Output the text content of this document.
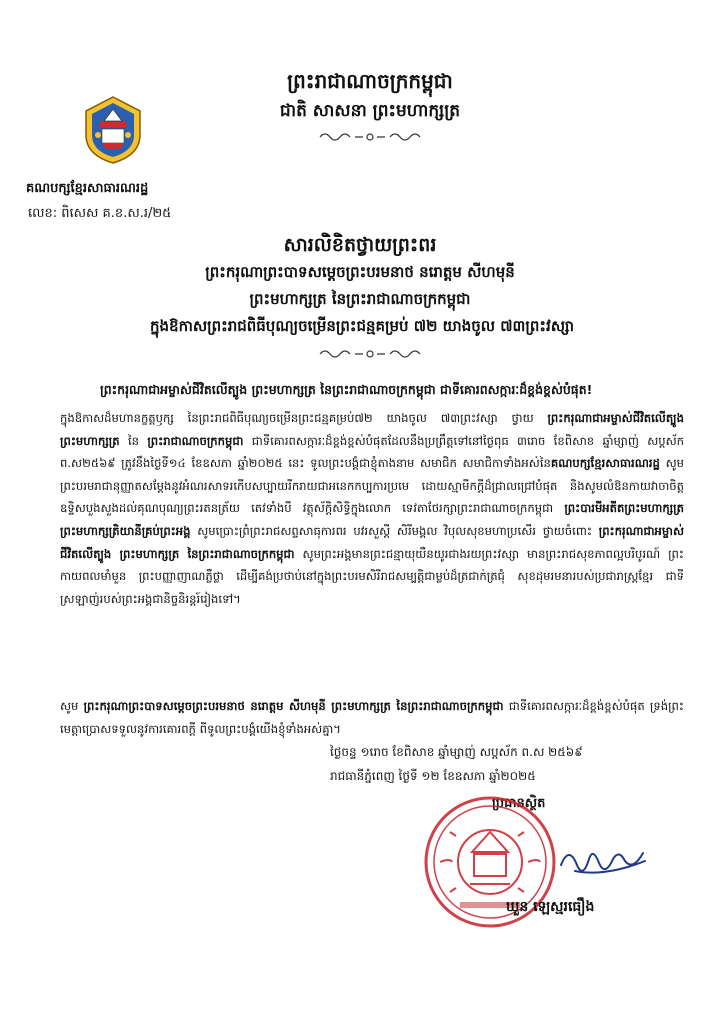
ព្រះរាជាណាចក្រកម្ពុជា
ជាតិ សាសនា ព្រះមហាក្សត្រ
គណបក្សខ្មែរសាធារណរដ្ឋ
លេខ: ពិសេស គ.ខ.ស.រ/២៥
សារលិខិតថ្វាយព្រះពរ
ព្រះករុណាព្រះបាទសម្តេចព្រះបរមនាថ នរោត្តម សីហមុនី
ព្រះមហាក្សត្រ នៃព្រះរាជាណាចក្រកម្ពុជា
ក្នុងឱកាសព្រះរាជពិធីបុណ្យចម្រើនព្រះជន្មគម្រប់ ៧២ យាងចូល ៧៣ព្រះវស្សា
ព្រះករុណាជាអម្ចាស់ជីវិតលើត្បូង ព្រះមហាក្សត្រ នៃព្រះរាជាណាចក្រកម្ពុជា ជាទីគោរពសក្ការៈដ៏ខ្ពង់ខ្ពស់បំផុត!
ក្នុងឱកាសដ៏មហានក្ខត្តឫក្ស នៃព្រះរាជពិធីបុណ្យចម្រើនព្រះជន្មគម្រប់៧២ យាងចូល ៧៣ព្រះវស្សា ថ្វាយ ព្រះករុណាជាអម្ចាស់ជីវិតលើត្បូង ព្រះមហាក្សត្រ នៃ ព្រះរាជាណាចក្រកម្ពុជា ជាទីគោរពសក្ការៈដ៏ខ្ពង់ខ្ពស់បំផុតដែលនឹងប្រព្រឹត្តទៅនៅថ្ងៃពុធ ៣រោច ខែពិសាខ ឆ្នាំម្សាញ់ សប្តស័ក ព.ស២៥៦៩ ត្រូវនឹងថ្ងៃទី១៤ ខែឧសភា ឆ្នាំ២០២៥ នេះ ទូលព្រះបង្គំជាខ្ញុំតាងនាម សមាជិក សមាជិកាទាំងអស់នៃគណបក្សខ្មែរសាធារណរដ្ឋ សូមព្រះបរមរាជានុញ្ញាតសម្តែងនូវអំណរសាទរកើបសប្បាយរីករាយជាអនេកកប្បការប្រមេ ដោយស្មាមីកក្តីដ៏ជ្រាលជ្រៅបំផុត និងសូមលំឱនកាយវាចាចិត្តឧទ្ទិសបួងសួងដល់គុណបុណ្យព្រះរតនត្រ័យ តេវទាំងបី វត្ថុស័ក្តិសិទ្ធិក្នុងលោក ទេវតាថែរក្សាព្រះរាជាណាចក្រកម្ពុជា ព្រះបារមីអតីតព្រះមហាក្សត្រ ព្រះមហាក្សត្រិយានីគ្រប់ព្រះអង្គ សូមប្រោះព្រំព្រះរាជសព្ទសាធុការពរ បវរសួស្តី សិរីមង្គល វិបុលសុខមហាប្រសើរ ថ្វាយចំពោះ ព្រះករុណាជាអម្ចាស់ជីវិតលើត្បូង ព្រះមហាក្សត្រ នៃព្រះរាជាណាចក្រកម្ពុជា សូមព្រះអង្គមានព្រះជន្មាយុយឺនយូរជាងរយព្រះវស្សា មានព្រះរាជសុខភាពល្អបរិបូរណ៍ ព្រះកាយពលមាំមួន ព្រះបញ្ញាញាណភ្លឺថ្លា ដើម្បីគង់ប្រថាប់នៅក្នុងព្រះបរមសិរីរាជសម្បត្តិជាម្លប់ដ៏ត្រជាក់ត្រជុំ សុខដុមរមនារបស់ប្រជារាស្ត្រខ្មែរ ជាទីស្រឡាញ់របស់ព្រះអង្គជានិច្ចនិរន្តរ៍រៀងទៅ។
សូម ព្រះករុណាព្រះបាទសម្តេចព្រះបរមនាថ នរោត្តម សីហមុនី ព្រះមហាក្សត្រ នៃព្រះរាជាណាចក្រកម្ពុជា ជាទីគោរពសក្ការៈដ៏ខ្ពង់ខ្ពស់បំផុត ទ្រង់ព្រះមេត្តាប្រោសទទួលនូវការគោរពក្តី ពីទូលព្រះបង្គំយើងខ្ញុំទាំងអស់គ្នា។
ថ្ងៃចន្ទ ១រោច ខែពិសាខ ឆ្នាំម្សាញ់ សប្តស័ក ព.ស ២៥៦៩
រាជធានីភ្នំពេញ ថ្ងៃទី ១២ ខែឧសភា ឆ្នាំ២០២៥
ប្រធានស្ថិត
ឃួន ឡេស្មរធឿង
